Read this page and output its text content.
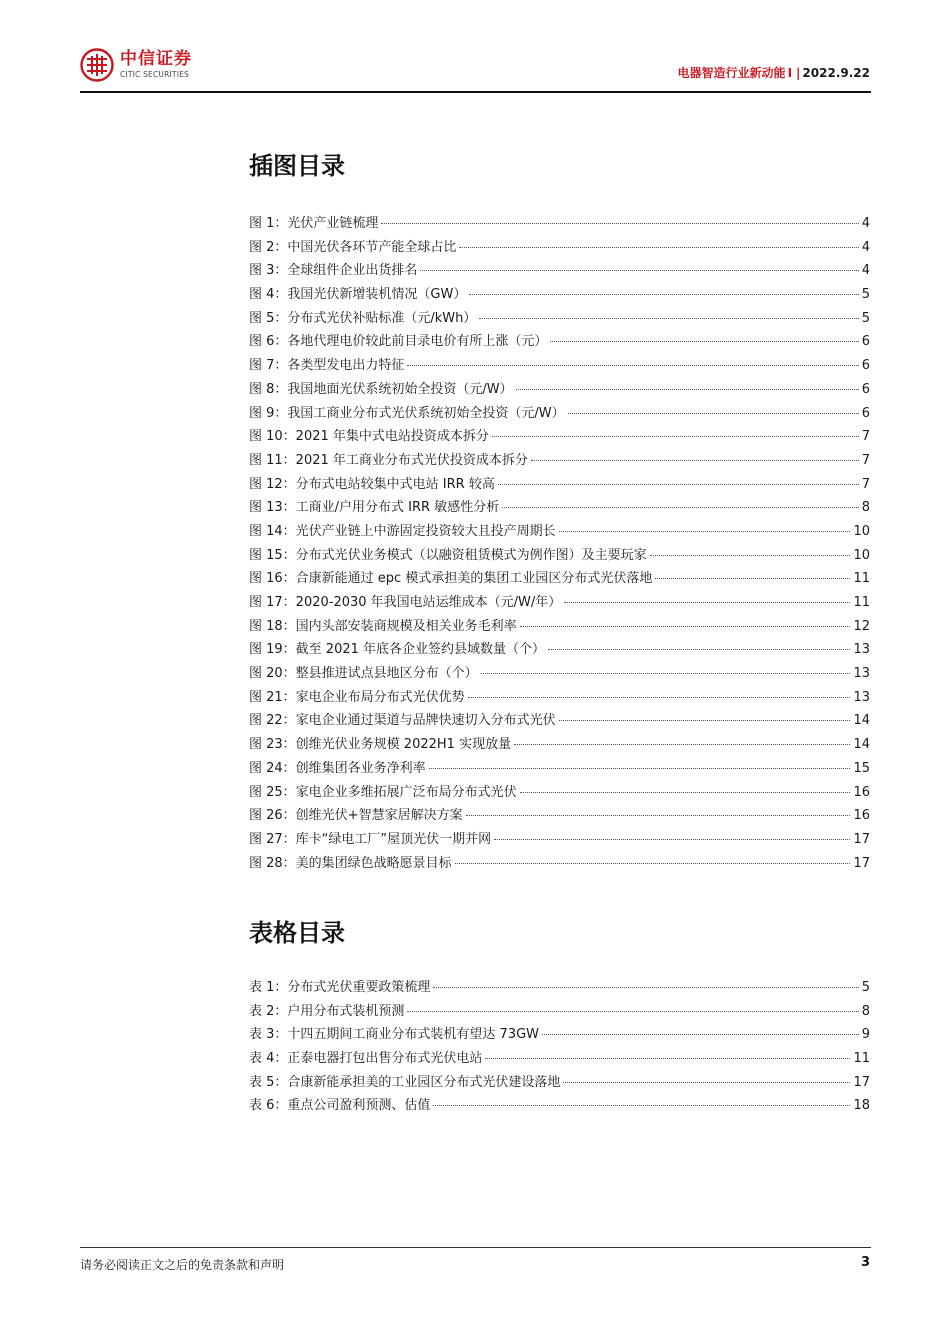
中信证券
CITIC SECURITIES	电器智造行业新动能 I | 2022.9.22
插图目录
图 1：光伏产业链梳理	4
图 2：中国光伏各环节产能全球占比	4
图 3：全球组件企业出货排名	4
图 4：我国光伏新增装机情况（GW）	5
图 5：分布式光伏补贴标准（元/kWh）	5
图 6：各地代理电价较此前目录电价有所上涨（元）	6
图 7：各类型发电出力特征	6
图 8：我国地面光伏系统初始全投资（元/W）	6
图 9：我国工商业分布式光伏系统初始全投资（元/W）	6
图 10：2021 年集中式电站投资成本拆分	7
图 11：2021 年工商业分布式光伏投资成本拆分	7
图 12：分布式电站较集中式电站 IRR 较高	7
图 13：工商业/户用分布式 IRR 敏感性分析	8
图 14：光伏产业链上中游固定投资较大且投产周期长	10
图 15：分布式光伏业务模式（以融资租赁模式为例作图）及主要玩家	10
图 16：合康新能通过 epc 模式承担美的集团工业园区分布式光伏落地	11
图 17：2020-2030 年我国电站运维成本（元/W/年）	11
图 18：国内头部安装商规模及相关业务毛利率	12
图 19：截至 2021 年底各企业签约县域数量（个）	13
图 20：整县推进试点县地区分布（个）	13
图 21：家电企业布局分布式光伏优势	13
图 22：家电企业通过渠道与品牌快速切入分布式光伏	14
图 23：创维光伏业务规模 2022H1 实现放量	14
图 24：创维集团各业务净利率	15
图 25：家电企业多维拓展广泛布局分布式光伏	16
图 26：创维光伏+智慧家居解决方案	16
图 27：库卡“绿电工厂”屋顶光伏一期并网	17
图 28：美的集团绿色战略愿景目标	17
表格目录
表 1：分布式光伏重要政策梳理	5
表 2：户用分布式装机预测	8
表 3：十四五期间工商业分布式装机有望达 73GW	9
表 4：正泰电器打包出售分布式光伏电站	11
表 5：合康新能承担美的工业园区分布式光伏建设落地	17
表 6：重点公司盈利预测、估值	18
请务必阅读正文之后的免责条款和声明	3
